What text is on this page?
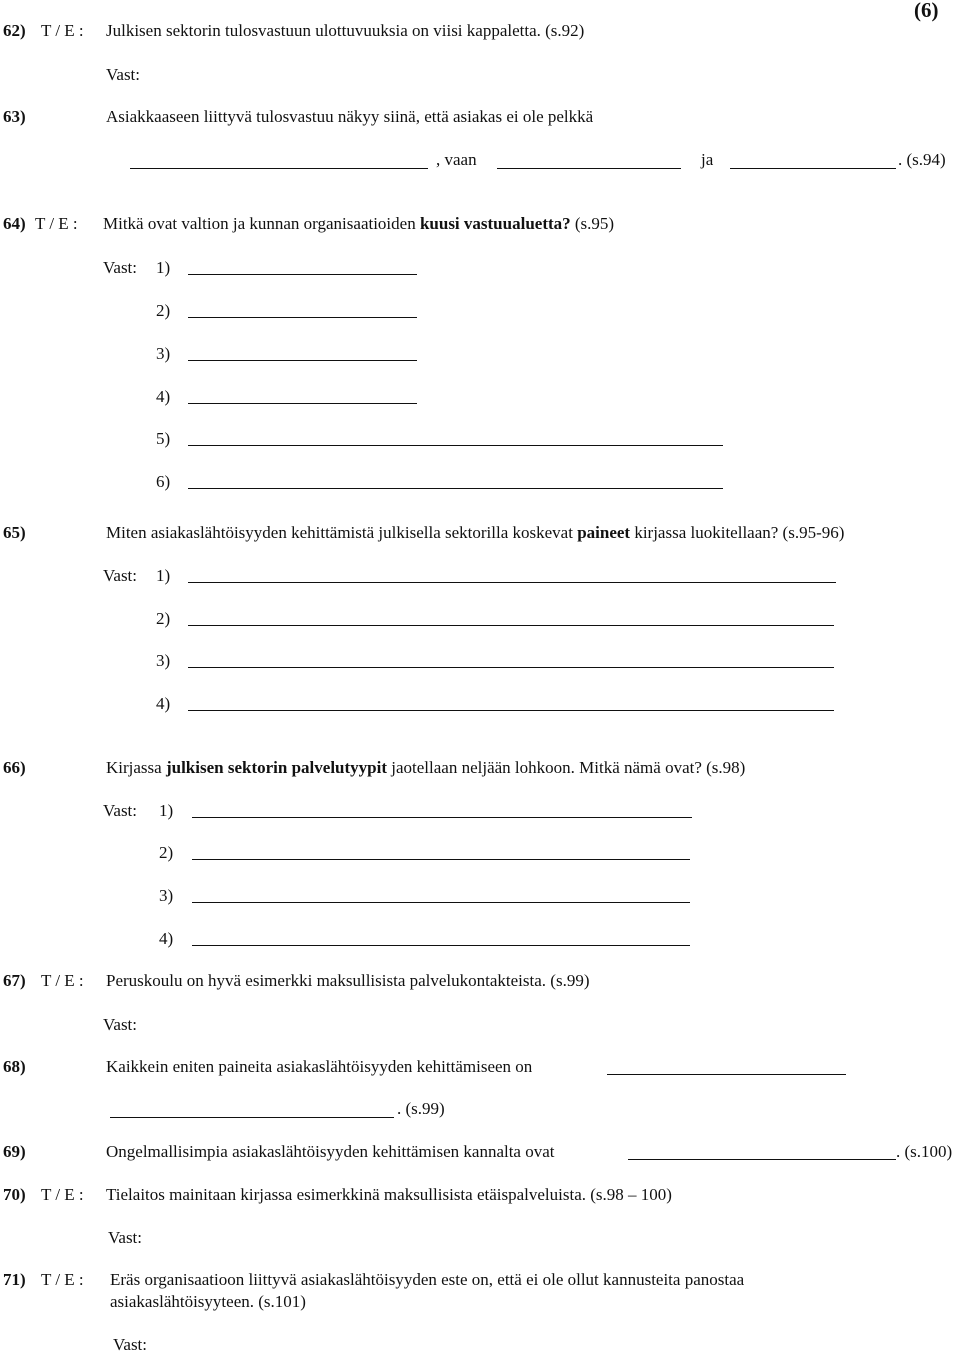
(6)
62) T / E : Julkisen sektorin tulosvastuun ulottuvuuksia on viisi kappaletta. (s.92)
Vast:
63)	Asiakkaaseen liittyvä tulosvastuu näkyy siinä, että asiakas ei ole pelkkä
, vaan	ja	. (s.94)
64) T / E : Mitkä ovat valtion ja kunnan organisaatioiden kuusi vastuualuetta? (s.95)
Vast: 1)
2)
3)
4)
5)
6)
65)	Miten asiakaslähtöisyyden kehittämistä julkisella sektorilla koskevat paineet kirjassa luokitellaan? (s.95-96)
Vast: 1)
2)
3)
4)
66)	Kirjassa julkisen sektorin palvelutyypit jaotellaan neljään lohkoon. Mitkä nämä ovat? (s.98)
Vast: 1)
2)
3)
4)
67) T / E : Peruskoulu on hyvä esimerkki maksullisista palvelukontakteista. (s.99)
Vast:
68)	Kaikkein eniten paineita asiakaslähtöisyyden kehittämiseen on
. (s.99)
69)	Ongelmallisimpia asiakaslähtöisyyden kehittämisen kannalta ovat	. (s.100)
70) T / E : Tielaitos mainitaan kirjassa esimerkkinä maksullisista etäispalveluista. (s.98 – 100)
Vast:
71) T / E : Eräs organisaatioon liittyvä asiakaslähtöisyyden este on, että ei ole ollut kannusteita panostaa
asiakaslähtöisyyteen. (s.101)
Vast:
